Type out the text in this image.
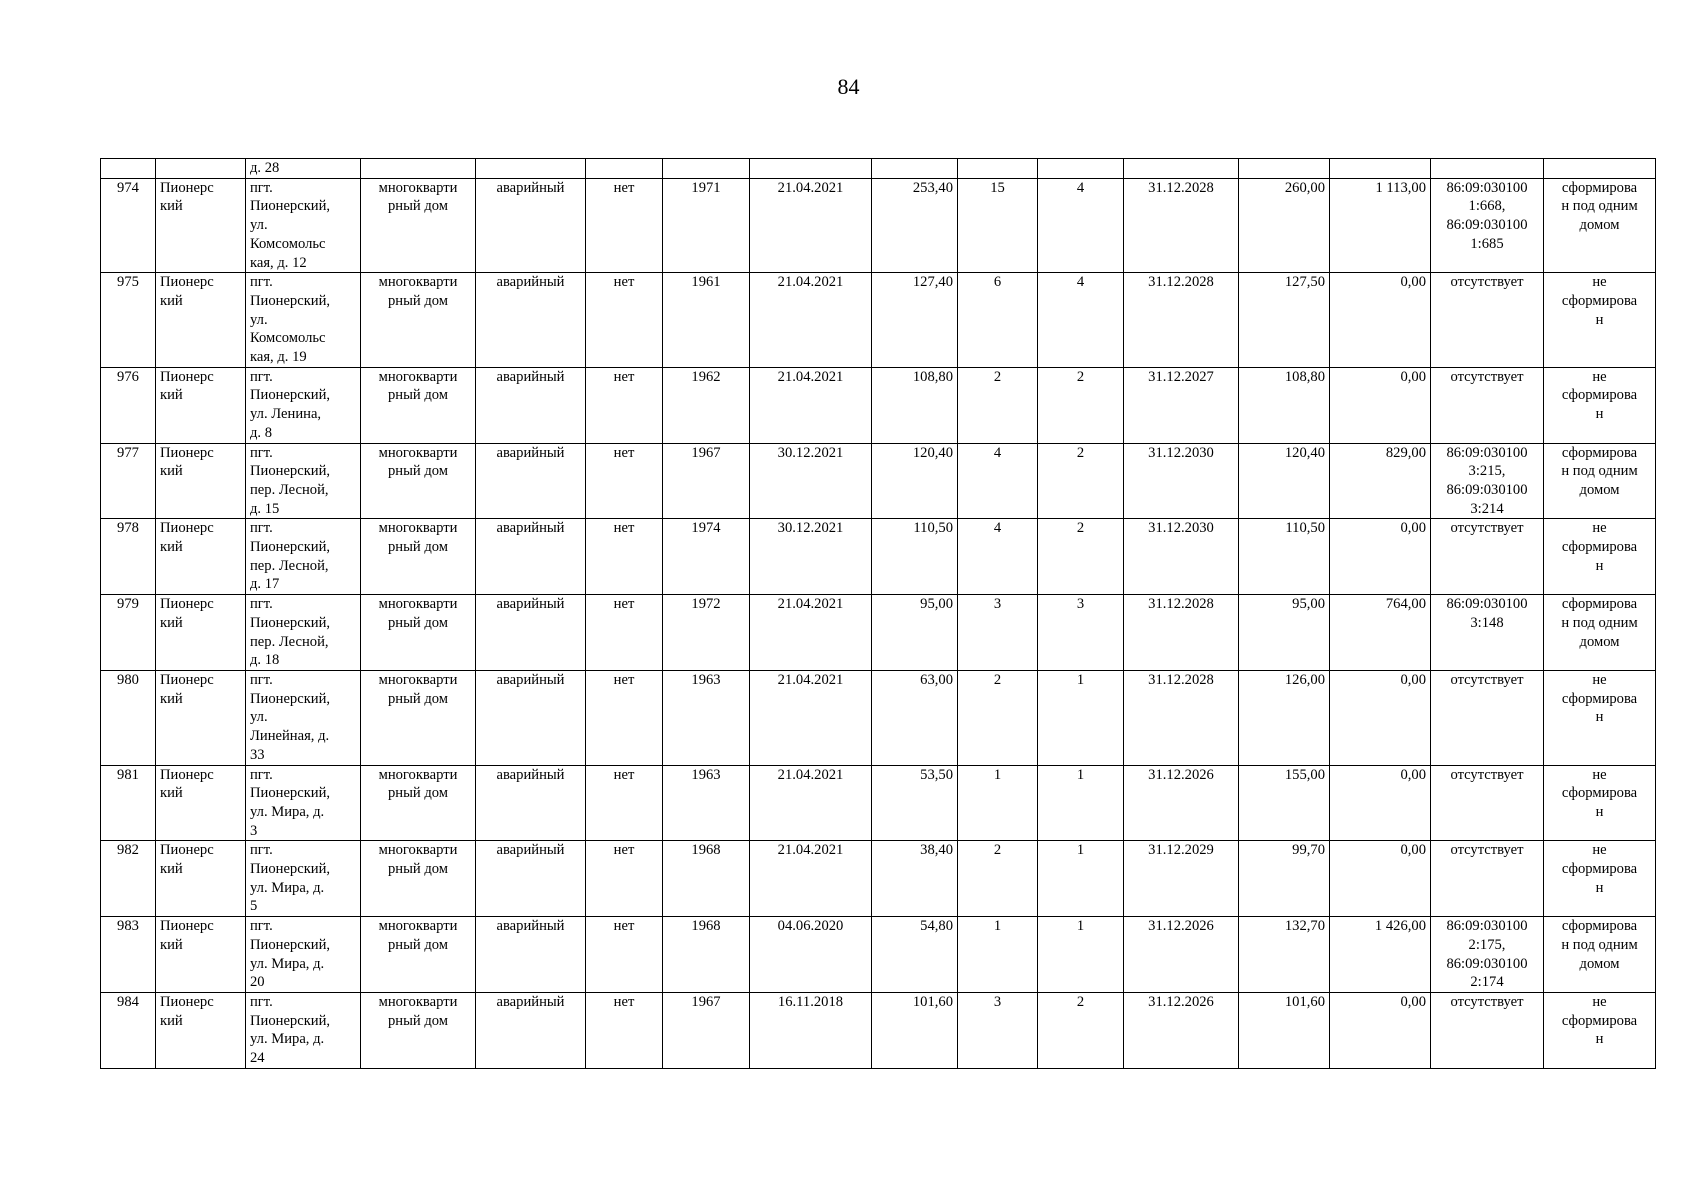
84
		д. 28													
974	Пионерс
кий	пгт.
Пионерский,
ул.
Комсомольс
кая, д. 12	многокварти
рный дом	аварийный	нет	1971	21.04.2021	253,40	15	4	31.12.2028	260,00	1 113,00	86:09:030100
1:668,
86:09:030100
1:685	сформирова
н под одним
домом
975	Пионерс
кий	пгт.
Пионерский,
ул.
Комсомольс
кая, д. 19	многокварти
рный дом	аварийный	нет	1961	21.04.2021	127,40	6	4	31.12.2028	127,50	0,00	отсутствует	не
сформирова
н
976	Пионерс
кий	пгт.
Пионерский,
ул. Ленина,
д. 8	многокварти
рный дом	аварийный	нет	1962	21.04.2021	108,80	2	2	31.12.2027	108,80	0,00	отсутствует	не
сформирова
н
977	Пионерс
кий	пгт.
Пионерский,
пер. Лесной,
д. 15	многокварти
рный дом	аварийный	нет	1967	30.12.2021	120,40	4	2	31.12.2030	120,40	829,00	86:09:030100
3:215,
86:09:030100
3:214	сформирова
н под одним
домом
978	Пионерс
кий	пгт.
Пионерский,
пер. Лесной,
д. 17	многокварти
рный дом	аварийный	нет	1974	30.12.2021	110,50	4	2	31.12.2030	110,50	0,00	отсутствует	не
сформирова
н
979	Пионерс
кий	пгт.
Пионерский,
пер. Лесной,
д. 18	многокварти
рный дом	аварийный	нет	1972	21.04.2021	95,00	3	3	31.12.2028	95,00	764,00	86:09:030100
3:148	сформирова
н под одним
домом
980	Пионерс
кий	пгт.
Пионерский,
ул.
Линейная, д.
33	многокварти
рный дом	аварийный	нет	1963	21.04.2021	63,00	2	1	31.12.2028	126,00	0,00	отсутствует	не
сформирова
н
981	Пионерс
кий	пгт.
Пионерский,
ул. Мира, д.
3	многокварти
рный дом	аварийный	нет	1963	21.04.2021	53,50	1	1	31.12.2026	155,00	0,00	отсутствует	не
сформирова
н
982	Пионерс
кий	пгт.
Пионерский,
ул. Мира, д.
5	многокварти
рный дом	аварийный	нет	1968	21.04.2021	38,40	2	1	31.12.2029	99,70	0,00	отсутствует	не
сформирова
н
983	Пионерс
кий	пгт.
Пионерский,
ул. Мира, д.
20	многокварти
рный дом	аварийный	нет	1968	04.06.2020	54,80	1	1	31.12.2026	132,70	1 426,00	86:09:030100
2:175,
86:09:030100
2:174	сформирова
н под одним
домом
984	Пионерс
кий	пгт.
Пионерский,
ул. Мира, д.
24	многокварти
рный дом	аварийный	нет	1967	16.11.2018	101,60	3	2	31.12.2026	101,60	0,00	отсутствует	не
сформирова
н
